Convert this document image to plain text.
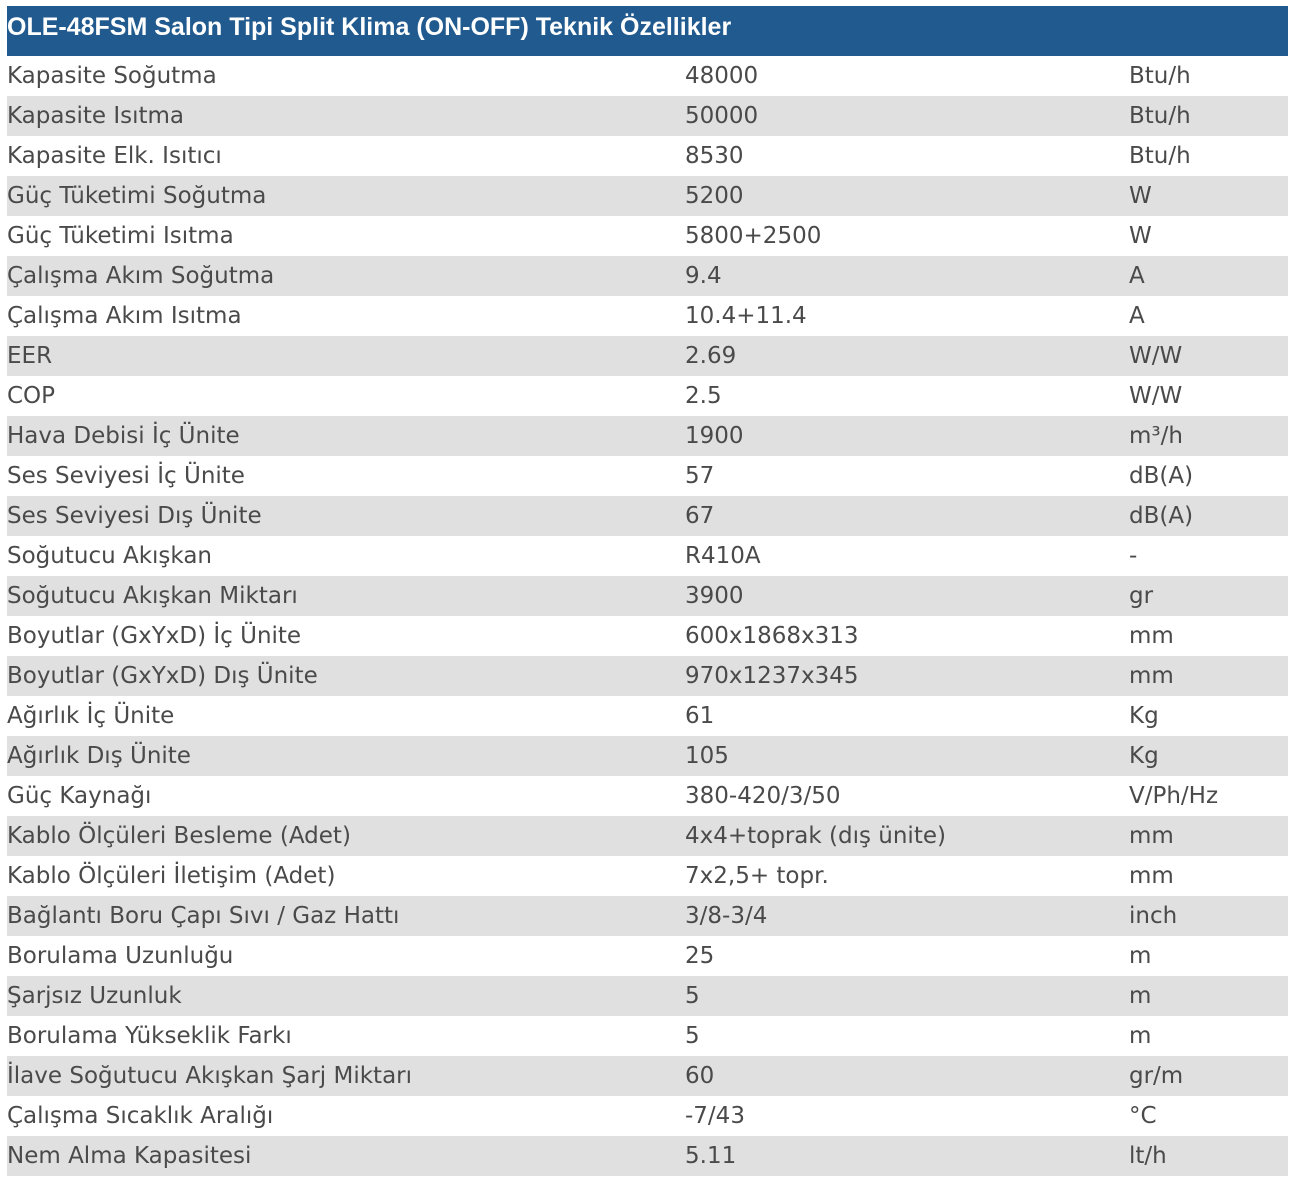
OLE-48FSM Salon Tipi Split Klima (ON-OFF) Teknik Özellikler
Kapasite Soğutma	48000	Btu/h
Kapasite Isıtma	50000	Btu/h
Kapasite Elk. Isıtıcı	8530	Btu/h
Güç Tüketimi Soğutma	5200	W
Güç Tüketimi Isıtma	5800+2500	W
Çalışma Akım Soğutma	9.4	A
Çalışma Akım Isıtma	10.4+11.4	A
EER	2.69	W/W
COP	2.5	W/W
Hava Debisi İç Ünite	1900	m³/h
Ses Seviyesi İç Ünite	57	dB(A)
Ses Seviyesi Dış Ünite	67	dB(A)
Soğutucu Akışkan	R410A	-
Soğutucu Akışkan Miktarı	3900	gr
Boyutlar (GxYxD) İç Ünite	600x1868x313	mm
Boyutlar (GxYxD) Dış Ünite	970x1237x345	mm
Ağırlık İç Ünite	61	Kg
Ağırlık Dış Ünite	105	Kg
Güç Kaynağı	380-420/3/50	V/Ph/Hz
Kablo Ölçüleri Besleme (Adet)	4x4+toprak (dış ünite)	mm
Kablo Ölçüleri İletişim (Adet)	7x2,5+ topr.	mm
Bağlantı Boru Çapı Sıvı / Gaz Hattı	3/8-3/4	inch
Borulama Uzunluğu	25	m
Şarjsız Uzunluk	5	m
Borulama Yükseklik Farkı	5	m
İlave Soğutucu Akışkan Şarj Miktarı	60	gr/m
Çalışma Sıcaklık Aralığı	-7/43	°C
Nem Alma Kapasitesi	5.11	lt/h
